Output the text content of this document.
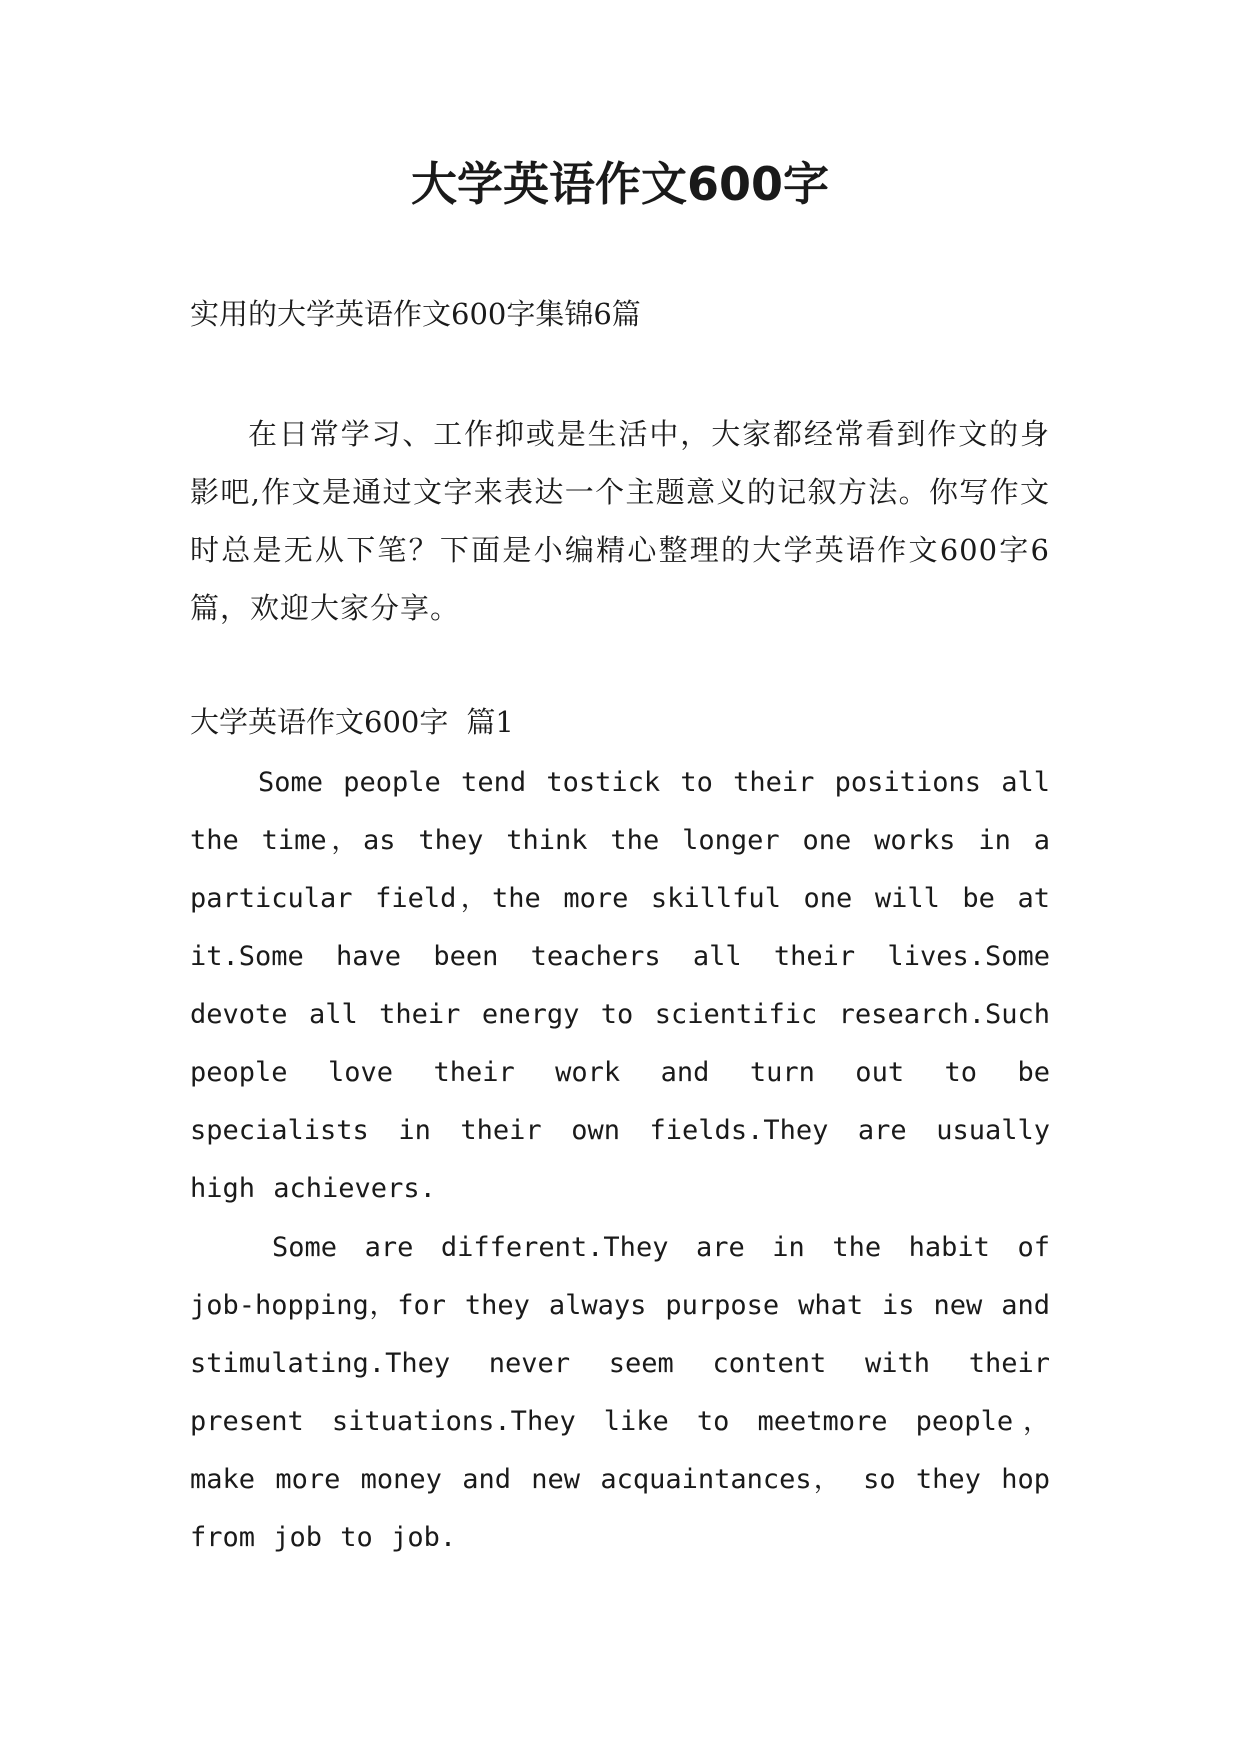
大学英语作文600字

实用的大学英语作文600字集锦6篇

在日常学习、工作抑或是生活中，大家都经常看到作文的身影吧,作文是通过文字来表达一个主题意义的记叙方法。你写作文时总是无从下笔？下面是小编精心整理的大学英语作文600字6篇，欢迎大家分享。

大学英语作文600字 篇1

Some people tend tostick to their positions all the time，as they think the longer one works in a particular field，the more skillful one will be at it.Some have been teachers all their lives.Some devote all their energy to scientific research.Such people love their work and turn out to be specialists in their own fields.They are usually high achievers.

Some are different.They are in the habit of job-hopping，for they always purpose what is new and stimulating.They never seem content with their present situations.They like to meetmore people， make more money and new acquaintances， so they hop from job to job.
